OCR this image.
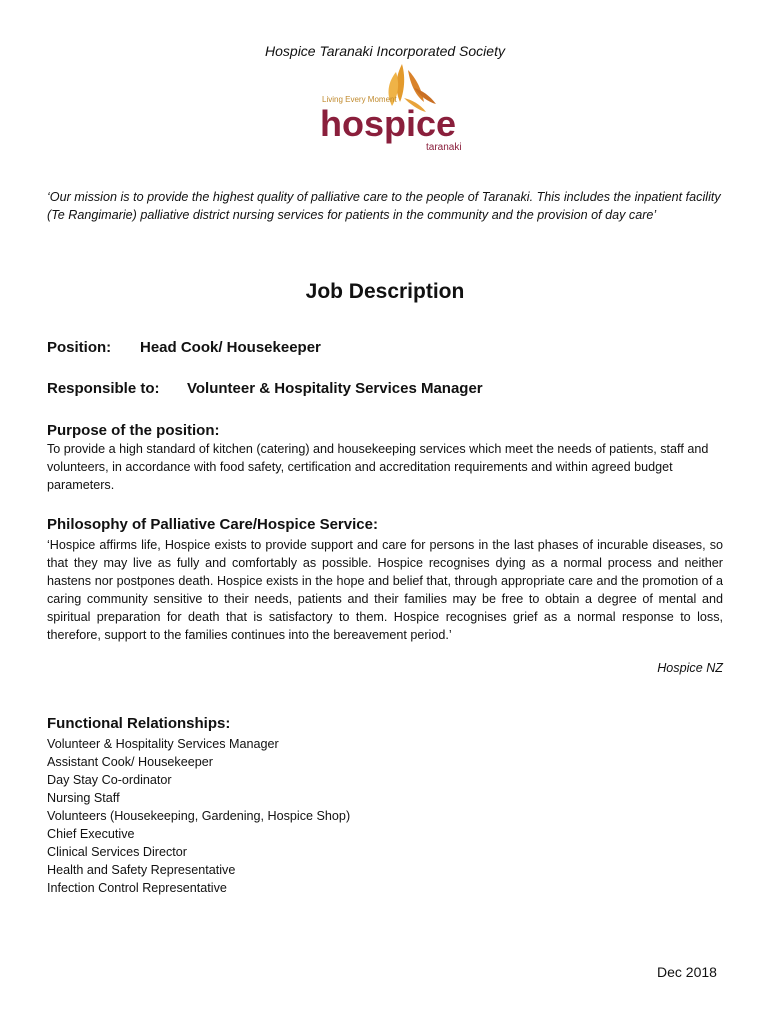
Hospice Taranaki Incorporated Society
Living Every Moment
hospice
taranaki
‘Our mission is to provide the highest quality of palliative care to the people of Taranaki. This includes the inpatient facility (Te Rangimarie) palliative district nursing services for patients in the community and the provision of day care’
Job Description
Position: Head Cook/ Housekeeper
Responsible to: Volunteer & Hospitality Services Manager
Purpose of the position:
To provide a high standard of kitchen (catering) and housekeeping services which meet the needs of patients, staff and volunteers, in accordance with food safety, certification and accreditation requirements and within agreed budget parameters.
Philosophy of Palliative Care/Hospice Service:
‘Hospice affirms life, Hospice exists to provide support and care for persons in the last phases of incurable diseases, so that they may live as fully and comfortably as possible. Hospice recognises dying as a normal process and neither hastens nor postpones death. Hospice exists in the hope and belief that, through appropriate care and the promotion of a caring community sensitive to their needs, patients and their families may be free to obtain a degree of mental and spiritual preparation for death that is satisfactory to them. Hospice recognises grief as a normal response to loss, therefore, support to the families continues into the bereavement period.’
Hospice NZ
Functional Relationships:
Volunteer & Hospitality Services Manager
Assistant Cook/ Housekeeper
Day Stay Co-ordinator
Nursing Staff
Volunteers (Housekeeping, Gardening, Hospice Shop)
Chief Executive
Clinical Services Director
Health and Safety Representative
Infection Control Representative
Dec 2018
